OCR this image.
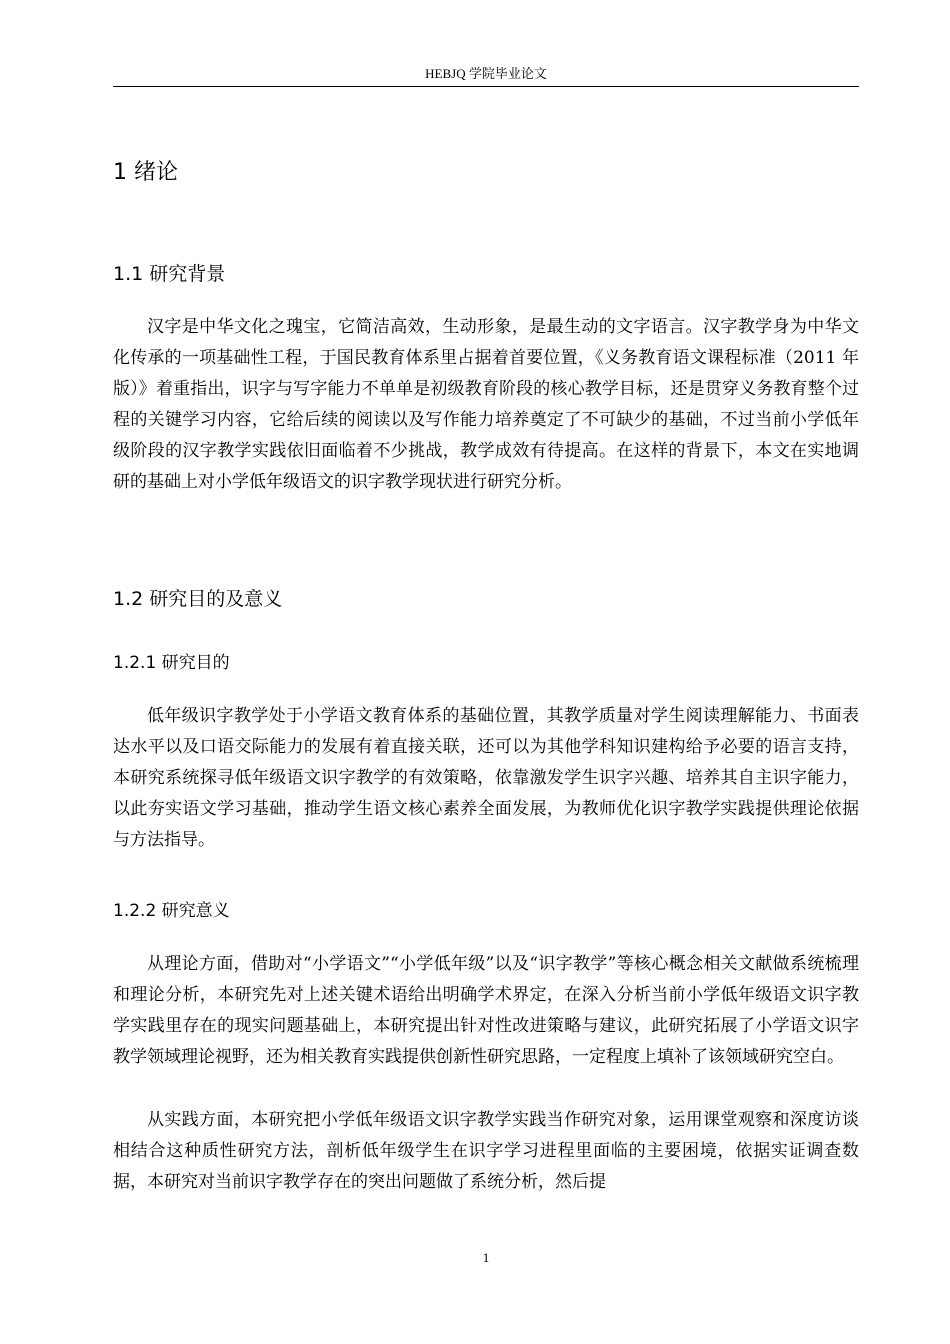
HEBJQ 学院毕业论文
1 绪论
1.1 研究背景

汉字是中华文化之瑰宝，它简洁高效，生动形象，是最生动的文字语言。汉字教学身为中华文化传承的一项基础性工程，于国民教育体系里占据着首要位置，《义务教育语文课程标准（2011 年版）》着重指出，识字与写字能力不单单是初级教育阶段的核心教学目标，还是贯穿义务教育整个过程的关键学习内容，它给后续的阅读以及写作能力培养奠定了不可缺少的基础，不过当前小学低年级阶段的汉字教学实践依旧面临着不少挑战，教学成效有待提高。在这样的背景下，本文在实地调研的基础上对小学低年级语文的识字教学现状进行研究分析。

1.2 研究目的及意义
1.2.1 研究目的

低年级识字教学处于小学语文教育体系的基础位置，其教学质量对学生阅读理解能力、书面表达水平以及口语交际能力的发展有着直接关联，还可以为其他学科知识建构给予必要的语言支持，本研究系统探寻低年级语文识字教学的有效策略，依靠激发学生识字兴趣、培养其自主识字能力，以此夯实语文学习基础，推动学生语文核心素养全面发展，为教师优化识字教学实践提供理论依据与方法指导。

1.2.2 研究意义

从理论方面，借助对“小学语文”“小学低年级”以及“识字教学”等核心概念相关文献做系统梳理和理论分析，本研究先对上述关键术语给出明确学术界定，在深入分析当前小学低年级语文识字教学实践里存在的现实问题基础上，本研究提出针对性改进策略与建议，此研究拓展了小学语文识字教学领域理论视野，还为相关教育实践提供创新性研究思路，一定程度上填补了该领域研究空白。

从实践方面，本研究把小学低年级语文识字教学实践当作研究对象，运用课堂观察和深度访谈相结合这种质性研究方法，剖析低年级学生在识字学习进程里面临的主要困境，依据实证调查数据，本研究对当前识字教学存在的突出问题做了系统分析，然后提

1
